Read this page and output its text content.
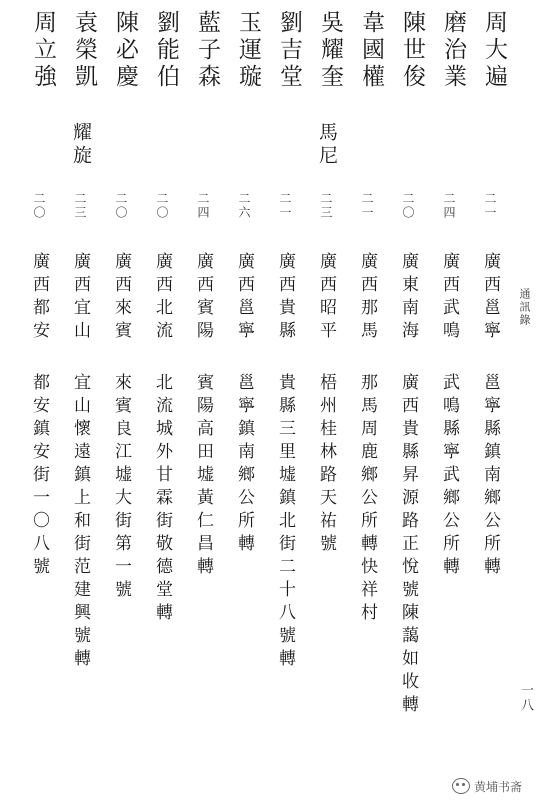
通訊錄
一八
周大遍
二一
廣西邕寧
邕寧縣鎮南鄉公所轉
磨治業
二四
廣西武鳴
武鳴縣寧武鄉公所轉
陳世俊
二〇
廣東南海
廣西貴縣昇源路正悅號陳藹如收轉
韋國權
二一
廣西那馬
那馬周鹿鄉公所轉快祥村
吳耀奎
馬尼
二三
廣西昭平
梧州桂林路天祐號
劉吉堂
二一
廣西貴縣
貴縣三里墟鎮北街二十八號轉
玉運璇
二六
廣西邕寧
邕寧鎮南鄉公所轉
藍子森
二四
廣西賓陽
賓陽高田墟黃仁昌轉
劉能伯
二〇
廣西北流
北流城外甘霖街敬德堂轉
陳必慶
二〇
廣西來賓
來賓良江墟大街第一號
袁榮凱
耀旋
二三
廣西宜山
宜山懷遠鎮上和街范建興號轉
周立強
二〇
廣西都安
都安鎮安街一〇八號
黄埔书斋
